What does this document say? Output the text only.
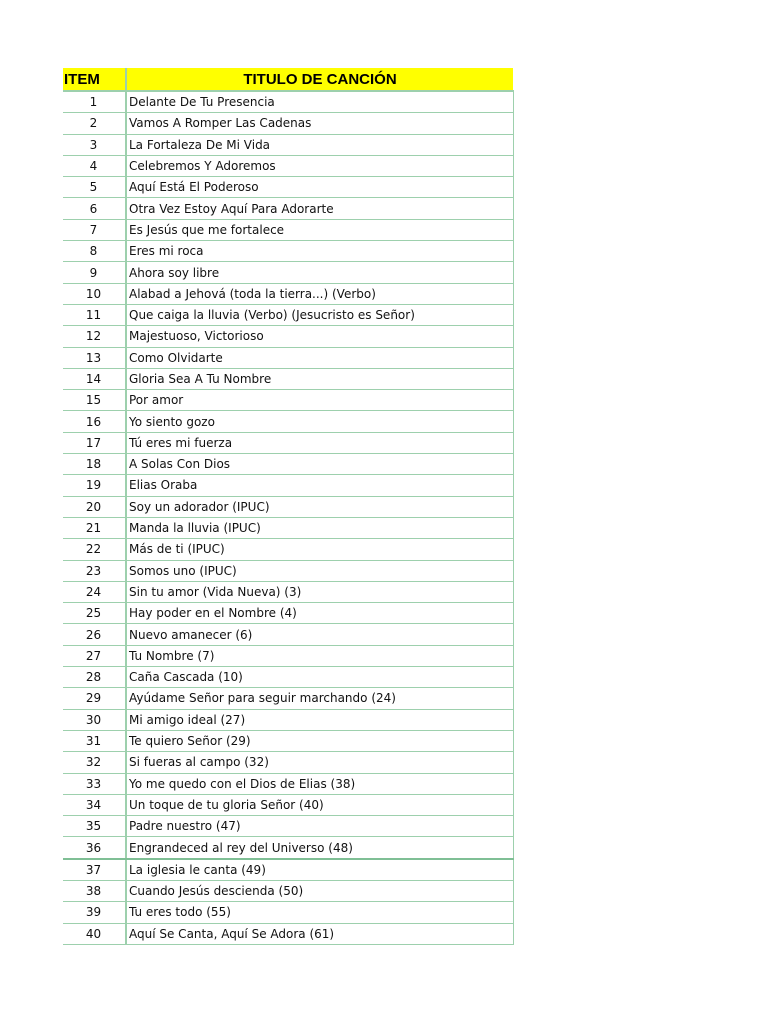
ITEM	TITULO DE CANCIÓN
1	Delante De Tu Presencia
2	Vamos A Romper Las Cadenas
3	La Fortaleza De Mi Vida
4	Celebremos Y Adoremos
5	Aquí Está El Poderoso
6	Otra Vez Estoy Aquí Para Adorarte
7	Es Jesús que me fortalece
8	Eres mi roca
9	Ahora soy libre
10	Alabad a Jehová (toda la tierra...) (Verbo)
11	Que caiga la lluvia (Verbo) (Jesucristo es Señor)
12	Majestuoso, Victorioso
13	Como Olvidarte
14	Gloria Sea A Tu Nombre
15	Por amor
16	Yo siento gozo
17	Tú eres mi fuerza
18	A Solas Con Dios
19	Elias Oraba
20	Soy un adorador (IPUC)
21	Manda la lluvia (IPUC)
22	Más de ti (IPUC)
23	Somos uno (IPUC)
24	Sin tu amor (Vida Nueva) (3)
25	Hay poder en el Nombre (4)
26	Nuevo amanecer (6)
27	Tu Nombre (7)
28	Caña Cascada (10)
29	Ayúdame Señor para seguir marchando (24)
30	Mi amigo ideal (27)
31	Te quiero Señor (29)
32	Si fueras al campo (32)
33	Yo me quedo con el Dios de Elias (38)
34	Un toque de tu gloria Señor (40)
35	Padre nuestro (47)
36	Engrandeced al rey del Universo (48)
37	La iglesia le canta (49)
38	Cuando Jesús descienda (50)
39	Tu eres todo (55)
40	Aquí Se Canta, Aquí Se Adora (61)
